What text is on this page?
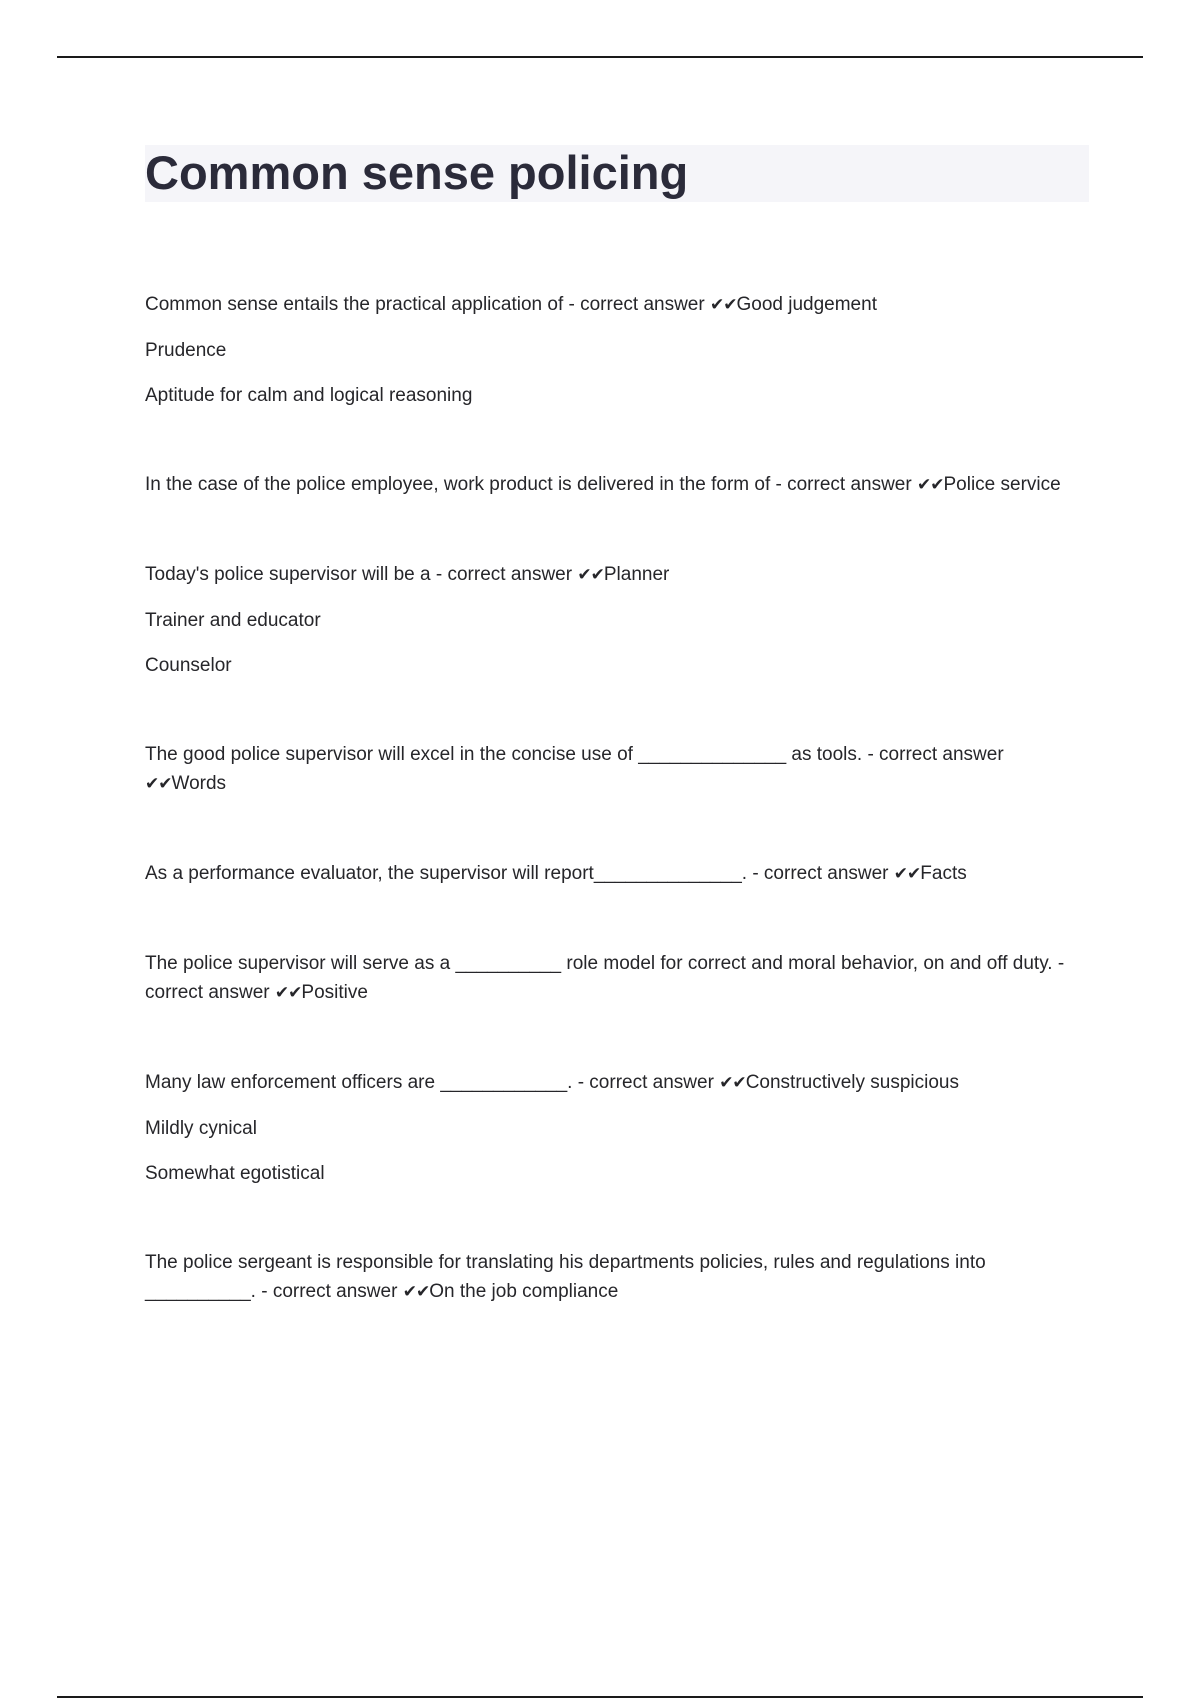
Common sense policing

Common sense entails the practical application of - correct answer ✔✔Good judgement

Prudence

Aptitude for calm and logical reasoning

In the case of the police employee, work product is delivered in the form of - correct answer ✔✔Police service

Today's police supervisor will be a - correct answer ✔✔Planner

Trainer and educator

Counselor

The good police supervisor will excel in the concise use of ______________ as tools. - correct answer ✔✔Words

As a performance evaluator, the supervisor will report______________. - correct answer ✔✔Facts

The police supervisor will serve as a __________ role model for correct and moral behavior, on and off duty. - correct answer ✔✔Positive

Many law enforcement officers are ____________. - correct answer ✔✔Constructively suspicious

Mildly cynical

Somewhat egotistical

The police sergeant is responsible for translating his departments policies, rules and regulations into __________. - correct answer ✔✔On the job compliance
